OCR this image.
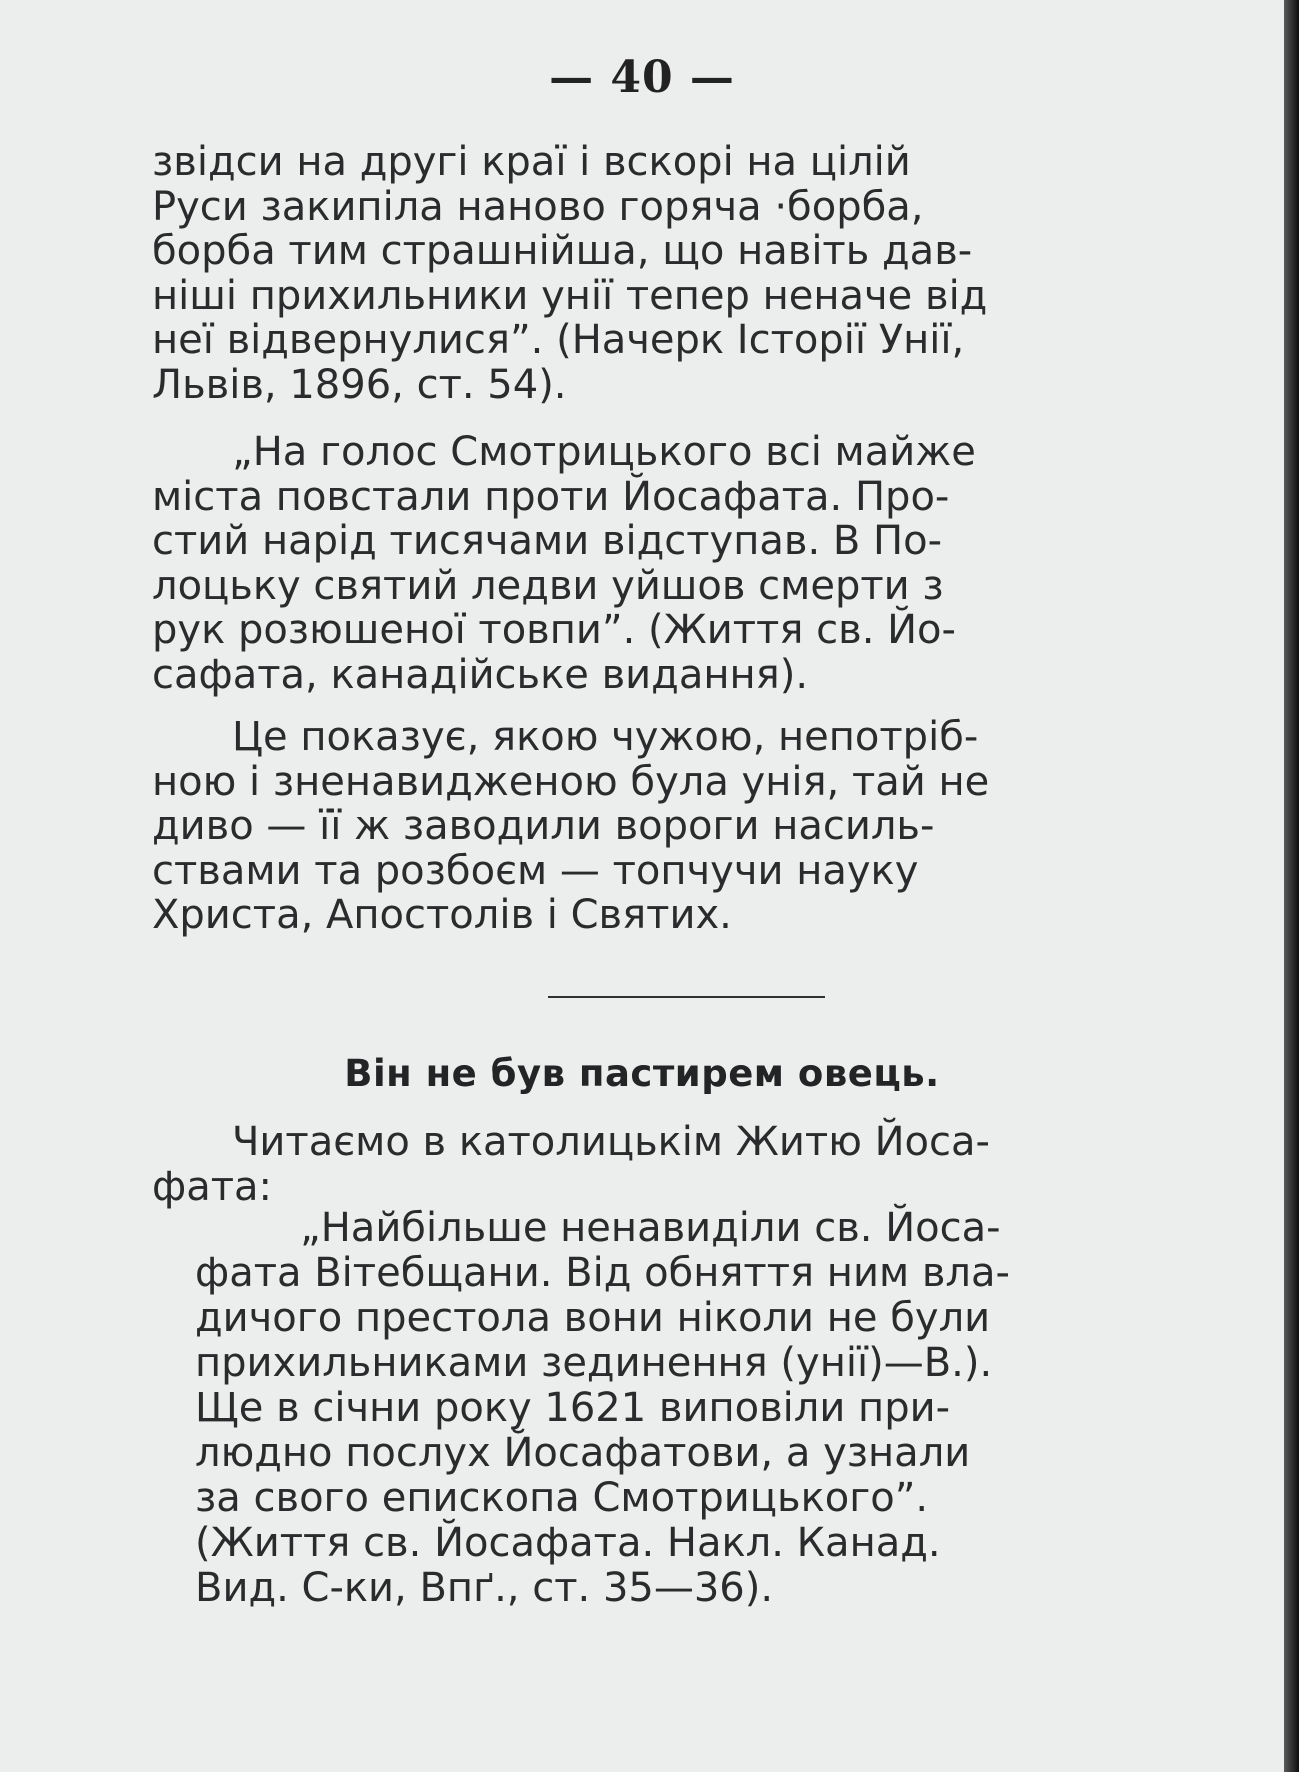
— 40 —
звідси на другі краї і вскорі на цілій
Руси закипіла наново горяча ·борба,
борба тим страшнійша, що навіть дав-
ніші прихильники унії тепер неначе від
неї відвернулися”. (Начерк Історії Унії,
Львів, 1896, ст. 54).
„На голос Смотрицького всі майже
міста повстали проти Йосафата. Про-
стий нарід тисячами відступав. В По-
лоцьку святий ледви уйшов смерти з
рук розюшеної товпи”. (Життя св. Йо-
сафата, канадійське видання).
Це показує, якою чужою, непотріб-
ною і зненавидженою була унія, тай не
диво — її ж заводили вороги насиль-
ствами та розбоєм — топчучи науку
Христа, Апостолів і Святих.
Він не був пастирем овець.
Читаємо в католицькім Житю Йоса-
фата:
„Найбільше ненавиділи св. Йоса-
фата Вітебщани. Від обняття ним вла-
дичого престола вони ніколи не були
прихильниками зединення (унії)—В.).
Ще в січни року 1621 виповіли при-
людно послух Йосафатови, а узнали
за свого епископа Смотрицького”.
(Життя св. Йосафата. Накл. Канад.
Вид. С-ки, Впґ., ст. 35—36).
